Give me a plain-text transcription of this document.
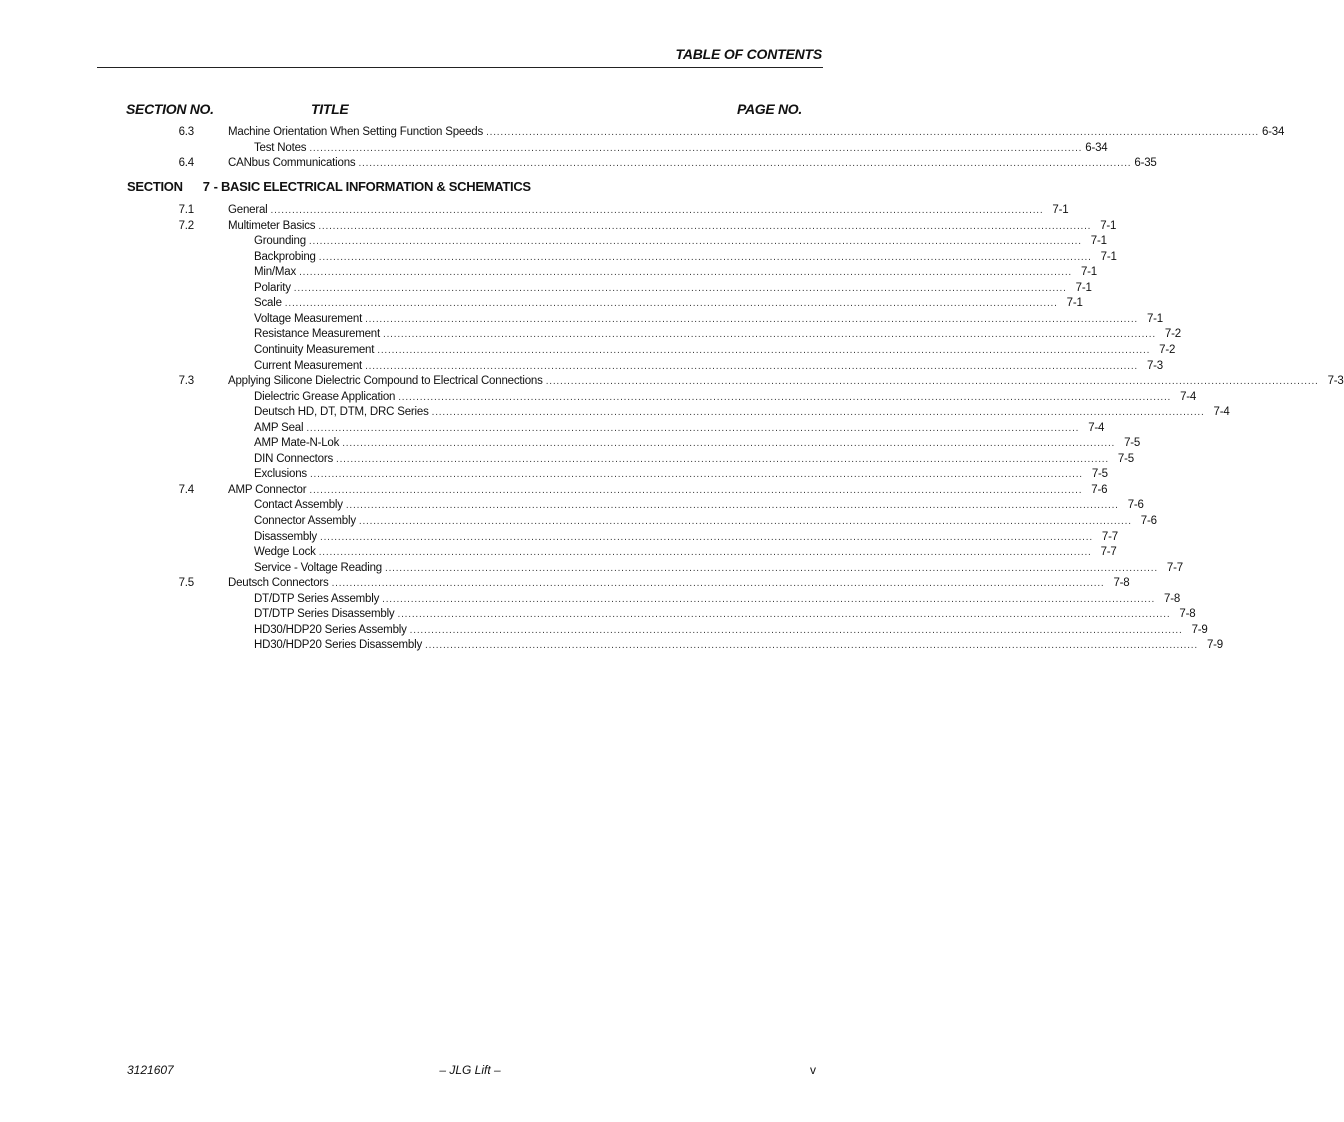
TABLE OF CONTENTS
SECTION NO.	TITLE	PAGE NO.
6.3	Machine Orientation When Setting Function Speeds ........................................................................................................................................................................................................................ 6-34
Test Notes ........................................................................................................................................................................................................................ 6-34
6.4	CANbus Communications ........................................................................................................................................................................................................................ 6-35
SECTION 7 - BASIC ELECTRICAL INFORMATION & SCHEMATICS
7.1	General ........................................................................................................................................................................................................................ 7-1
7.2	Multimeter Basics ........................................................................................................................................................................................................................ 7-1
Grounding ........................................................................................................................................................................................................................ 7-1
Backprobing ........................................................................................................................................................................................................................ 7-1
Min/Max ........................................................................................................................................................................................................................ 7-1
Polarity ........................................................................................................................................................................................................................ 7-1
Scale ........................................................................................................................................................................................................................ 7-1
Voltage Measurement ........................................................................................................................................................................................................................ 7-1
Resistance Measurement ........................................................................................................................................................................................................................ 7-2
Continuity Measurement ........................................................................................................................................................................................................................ 7-2
Current Measurement ........................................................................................................................................................................................................................ 7-3
7.3	Applying Silicone Dielectric Compound to Electrical Connections ........................................................................................................................................................................................................................ 7-3
Dielectric Grease Application ........................................................................................................................................................................................................................ 7-4
Deutsch HD, DT, DTM, DRC Series ........................................................................................................................................................................................................................ 7-4
AMP Seal ........................................................................................................................................................................................................................ 7-4
AMP Mate-N-Lok ........................................................................................................................................................................................................................ 7-5
DIN Connectors ........................................................................................................................................................................................................................ 7-5
Exclusions ........................................................................................................................................................................................................................ 7-5
7.4	AMP Connector ........................................................................................................................................................................................................................ 7-6
Contact Assembly ........................................................................................................................................................................................................................ 7-6
Connector Assembly ........................................................................................................................................................................................................................ 7-6
Disassembly ........................................................................................................................................................................................................................ 7-7
Wedge Lock ........................................................................................................................................................................................................................ 7-7
Service - Voltage Reading ........................................................................................................................................................................................................................ 7-7
7.5	Deutsch Connectors ........................................................................................................................................................................................................................ 7-8
DT/DTP Series Assembly ........................................................................................................................................................................................................................ 7-8
DT/DTP Series Disassembly ........................................................................................................................................................................................................................ 7-8
HD30/HDP20 Series Assembly ........................................................................................................................................................................................................................ 7-9
HD30/HDP20 Series Disassembly ........................................................................................................................................................................................................................ 7-9
3121607	– JLG Lift –	v
